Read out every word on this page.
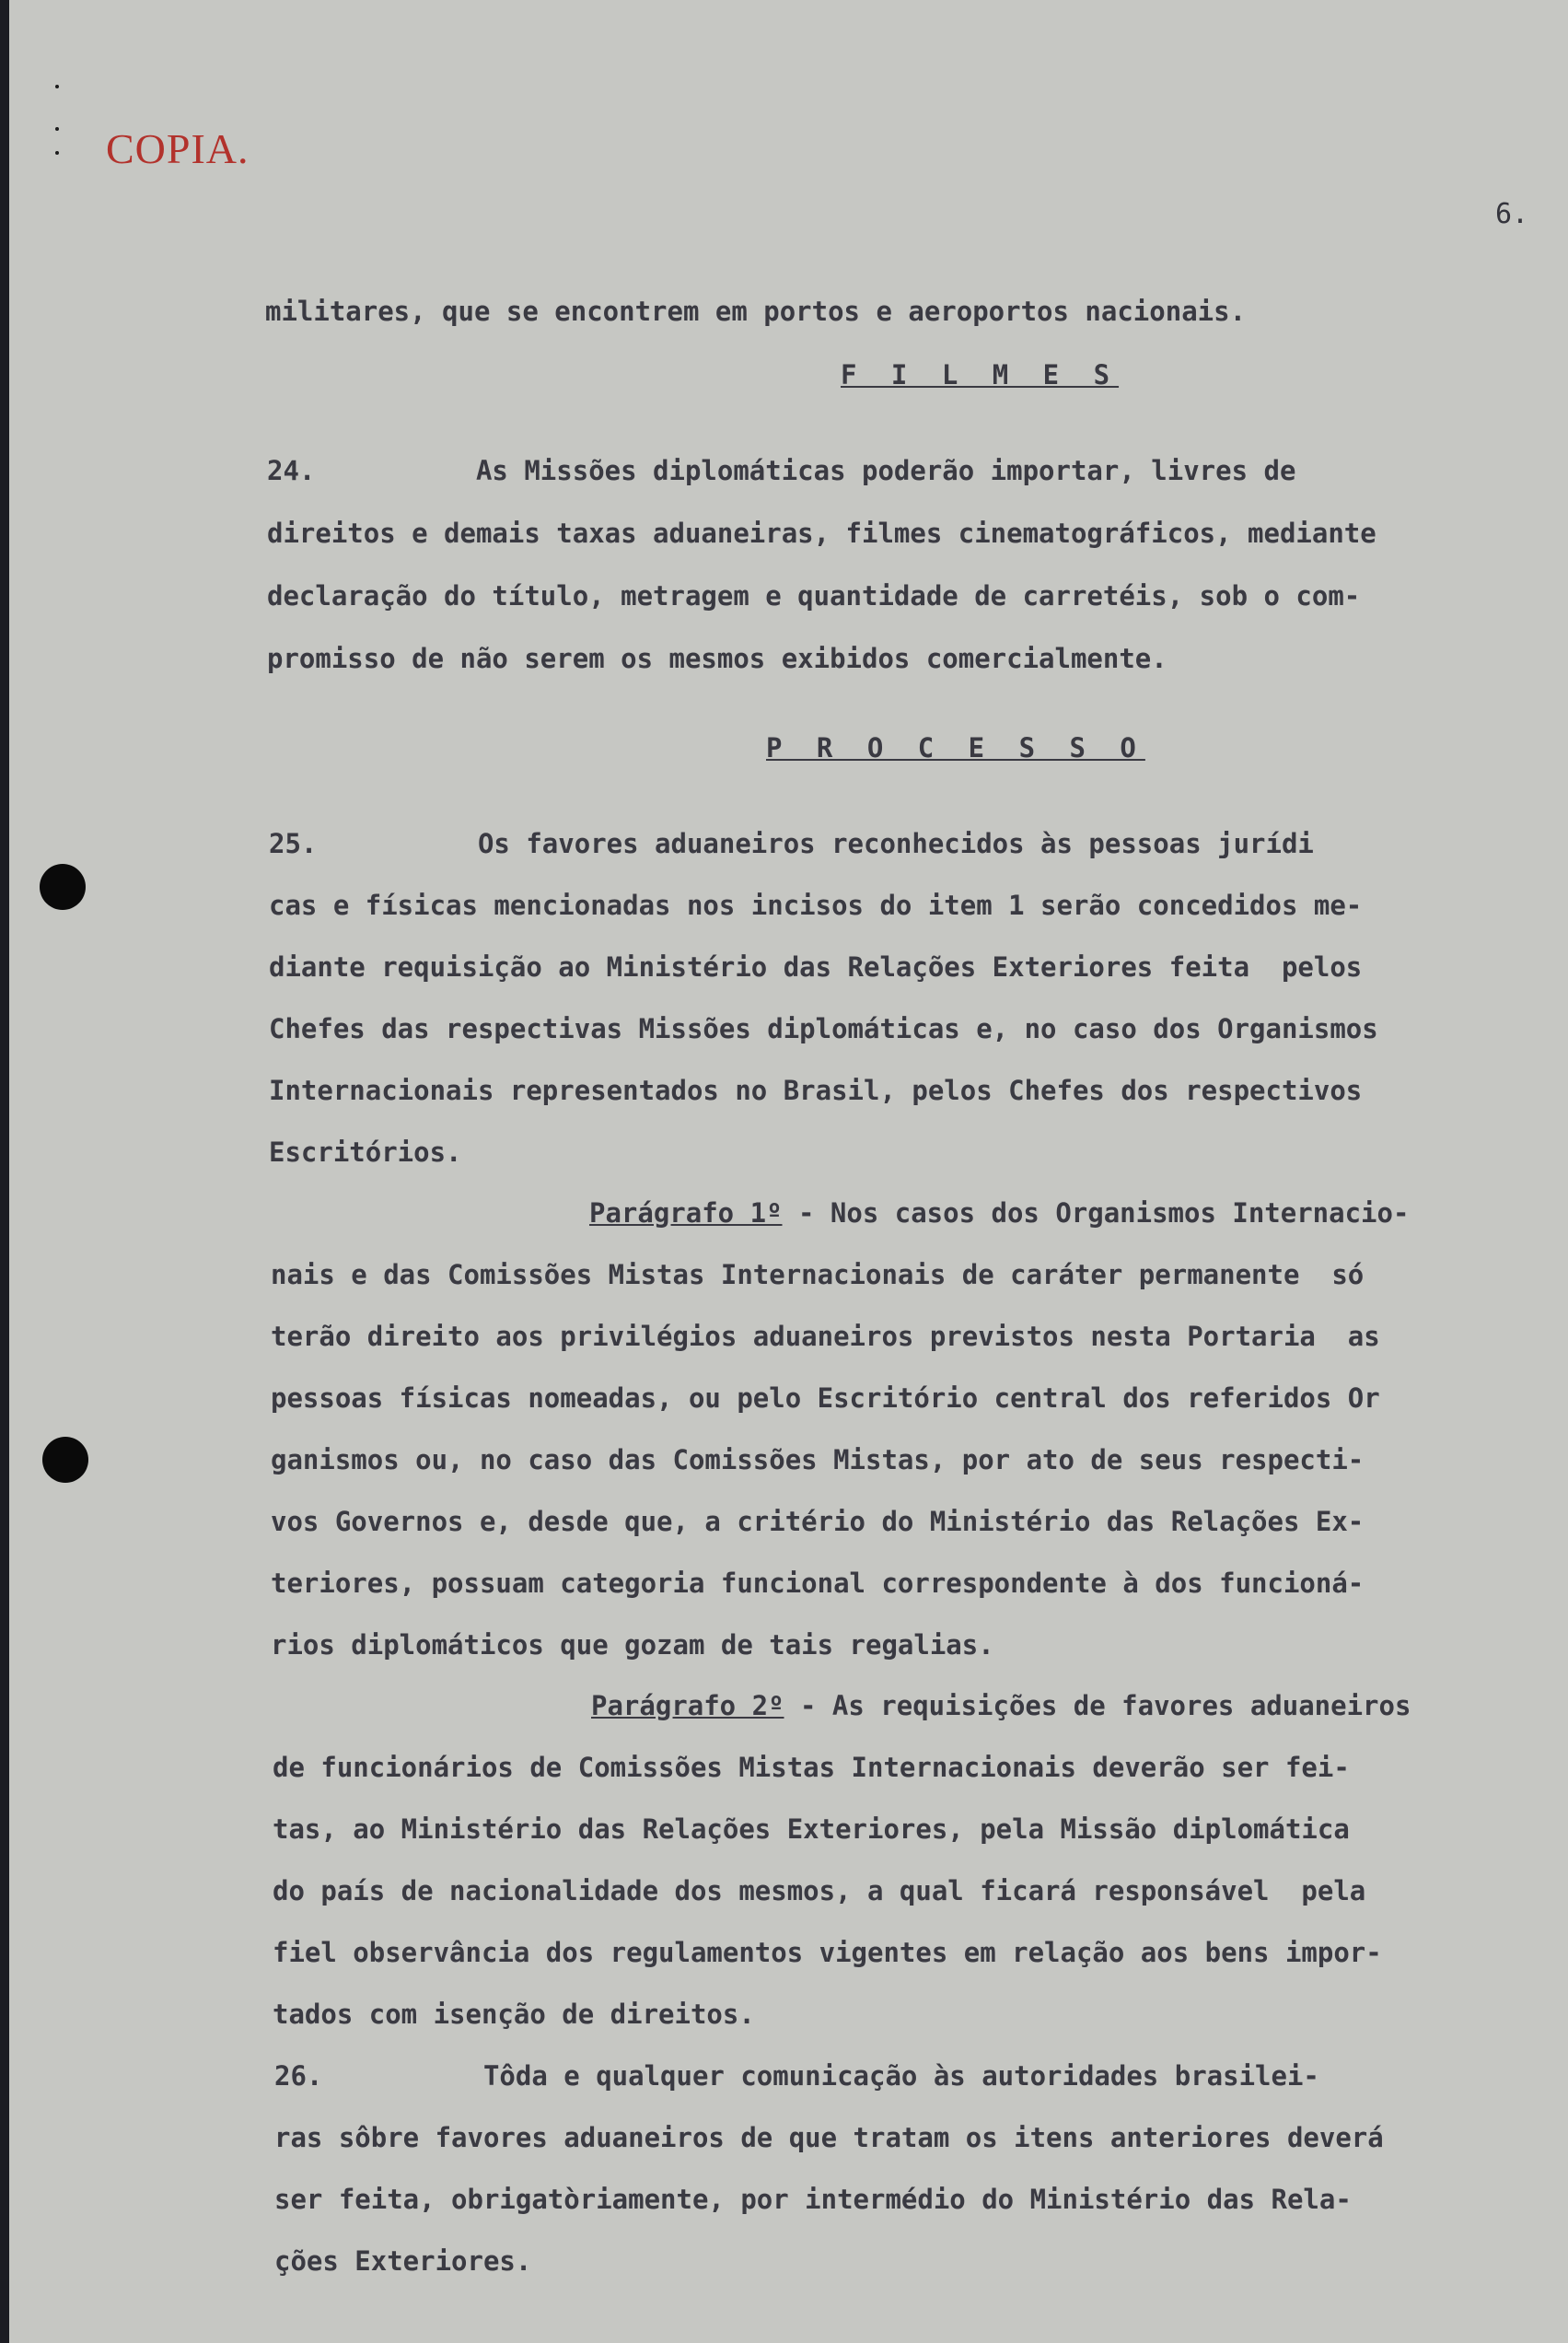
COPIA.
6.
militares, que se encontrem em portos e aeroportos nacionais.
F I L M E S
24.          As Missões diplomáticas poderão importar, livres de
direitos e demais taxas aduaneiras, filmes cinematográficos, mediante
declaração do título, metragem e quantidade de carretéis, sob o com-
promisso de não serem os mesmos exibidos comercialmente.
P R O C E S S O
25.          Os favores aduaneiros reconhecidos às pessoas jurídi
cas e físicas mencionadas nos incisos do item 1 serão concedidos me-
diante requisição ao Ministério das Relações Exteriores feita  pelos
Chefes das respectivas Missões diplomáticas e, no caso dos Organismos
Internacionais representados no Brasil, pelos Chefes dos respectivos
Escritórios.
Parágrafo 1º - Nos casos dos Organismos Internacio-
nais e das Comissões Mistas Internacionais de caráter permanente  só
terão direito aos privilégios aduaneiros previstos nesta Portaria  as
pessoas físicas nomeadas, ou pelo Escritório central dos referidos Or
ganismos ou, no caso das Comissões Mistas, por ato de seus respecti-
vos Governos e, desde que, a critério do Ministério das Relações Ex-
teriores, possuam categoria funcional correspondente à dos funcioná-
rios diplomáticos que gozam de tais regalias.
Parágrafo 2º - As requisições de favores aduaneiros
de funcionários de Comissões Mistas Internacionais deverão ser fei-
tas, ao Ministério das Relações Exteriores, pela Missão diplomática
do país de nacionalidade dos mesmos, a qual ficará responsável  pela
fiel observância dos regulamentos vigentes em relação aos bens impor-
tados com isenção de direitos.
26.          Tôda e qualquer comunicação às autoridades brasilei-
ras sôbre favores aduaneiros de que tratam os itens anteriores deverá
ser feita, obrigatòriamente, por intermédio do Ministério das Rela-
ções Exteriores.
